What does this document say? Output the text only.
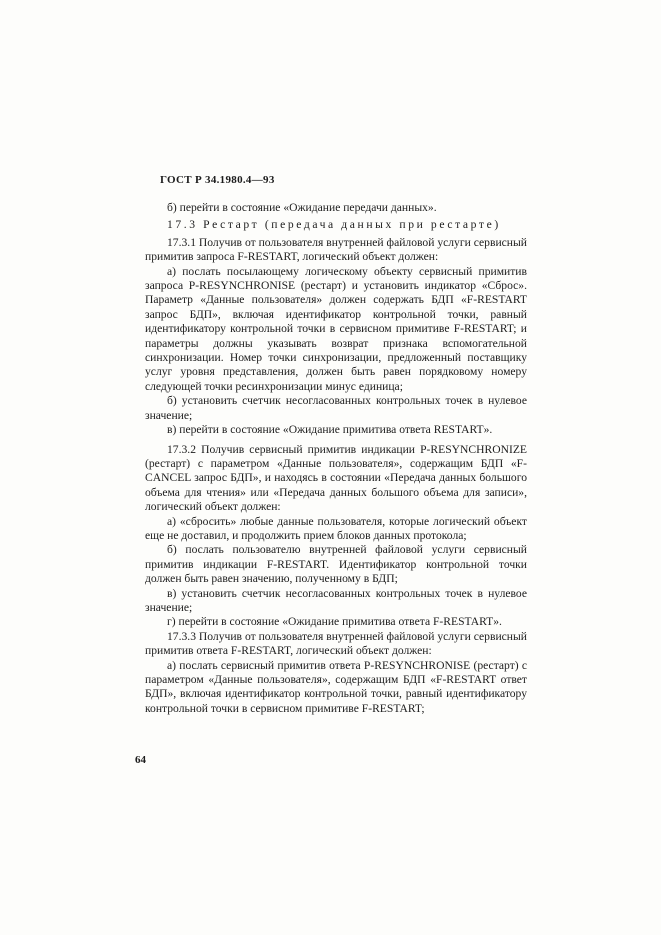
ГОСТ Р 34.1980.4—93

б) перейти в состояние «Ожидание передачи данных».

17.3 Рестарт (передача данных при рестарте)

17.3.1 Получив от пользователя внутренней файловой услуги сервисный примитив запроса F-RESTART, логический объект должен:

а) послать посылающему логическому объекту сервисный примитив запроса P-RESYNCHRONISE (рестарт) и установить индикатор «Сброс». Параметр «Данные пользователя» должен содержать БДП «F-RESTART запрос БДП», включая идентификатор контрольной точки, равный идентификатору контрольной точки в сервисном примитиве F-RESTART; и параметры должны указывать возврат признака вспомогательной синхронизации. Номер точки синхронизации, предложенный поставщику услуг уровня представления, должен быть равен порядковому номеру следующей точки ресинхронизации минус единица;

б) установить счетчик несогласованных контрольных точек в нулевое значение;

в) перейти в состояние «Ожидание примитива ответа RESTART».

17.3.2 Получив сервисный примитив индикации P-RESYNCHRONIZE (рестарт) с параметром «Данные пользователя», содержащим БДП «F-CANCEL запрос БДП», и находясь в состоянии «Передача данных большого объема для чтения» или «Передача данных большого объема для записи», логический объект должен:

а) «сбросить» любые данные пользователя, которые логический объект еще не доставил, и продолжить прием блоков данных протокола;

б) послать пользователю внутренней файловой услуги сервисный примитив индикации F-RESTART. Идентификатор контрольной точки должен быть равен значению, полученному в БДП;

в) установить счетчик несогласованных контрольных точек в нулевое значение;

г) перейти в состояние «Ожидание примитива ответа F-RESTART».

17.3.3 Получив от пользователя внутренней файловой услуги сервисный примитив ответа F-RESTART, логический объект должен:

а) послать сервисный примитив ответа P-RESYNCHRONISE (рестарт) с параметром «Данные пользователя», содержащим БДП «F-RESTART ответ БДП», включая идентификатор контрольной точки, равный идентификатору контрольной точки в сервисном примитиве F-RESTART;

64
